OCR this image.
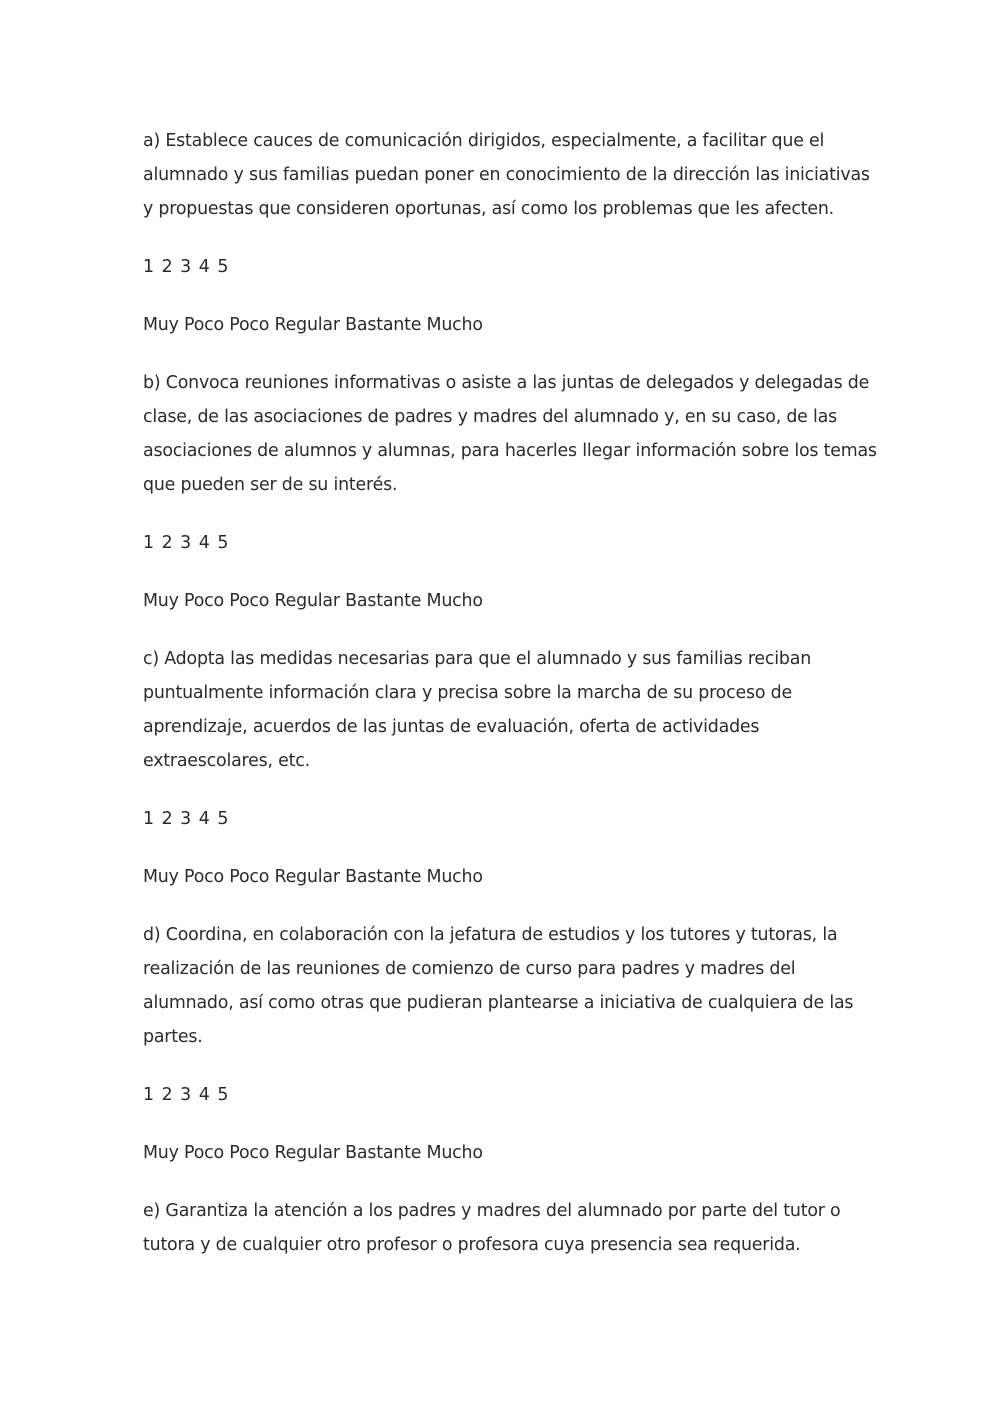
a) Establece cauces de comunicación dirigidos, especialmente, a facilitar que el alumnado y sus familias puedan poner en conocimiento de la dirección las iniciativas y propuestas que consideren oportunas, así como los problemas que les afecten.

1 2 3 4 5

Muy Poco Poco Regular Bastante Mucho

b) Convoca reuniones informativas o asiste a las juntas de delegados y delegadas de clase, de las asociaciones de padres y madres del alumnado y, en su caso, de las asociaciones de alumnos y alumnas, para hacerles llegar información sobre los temas que pueden ser de su interés.

1 2 3 4 5

Muy Poco Poco Regular Bastante Mucho

c) Adopta las medidas necesarias para que el alumnado y sus familias reciban puntualmente información clara y precisa sobre la marcha de su proceso de aprendizaje, acuerdos de las juntas de evaluación, oferta de actividades extraescolares, etc.

1 2 3 4 5

Muy Poco Poco Regular Bastante Mucho

d) Coordina, en colaboración con la jefatura de estudios y los tutores y tutoras, la realización de las reuniones de comienzo de curso para padres y madres del alumnado, así como otras que pudieran plantearse a iniciativa de cualquiera de las partes.

1 2 3 4 5

Muy Poco Poco Regular Bastante Mucho

e) Garantiza la atención a los padres y madres del alumnado por parte del tutor o tutora y de cualquier otro profesor o profesora cuya presencia sea requerida.
